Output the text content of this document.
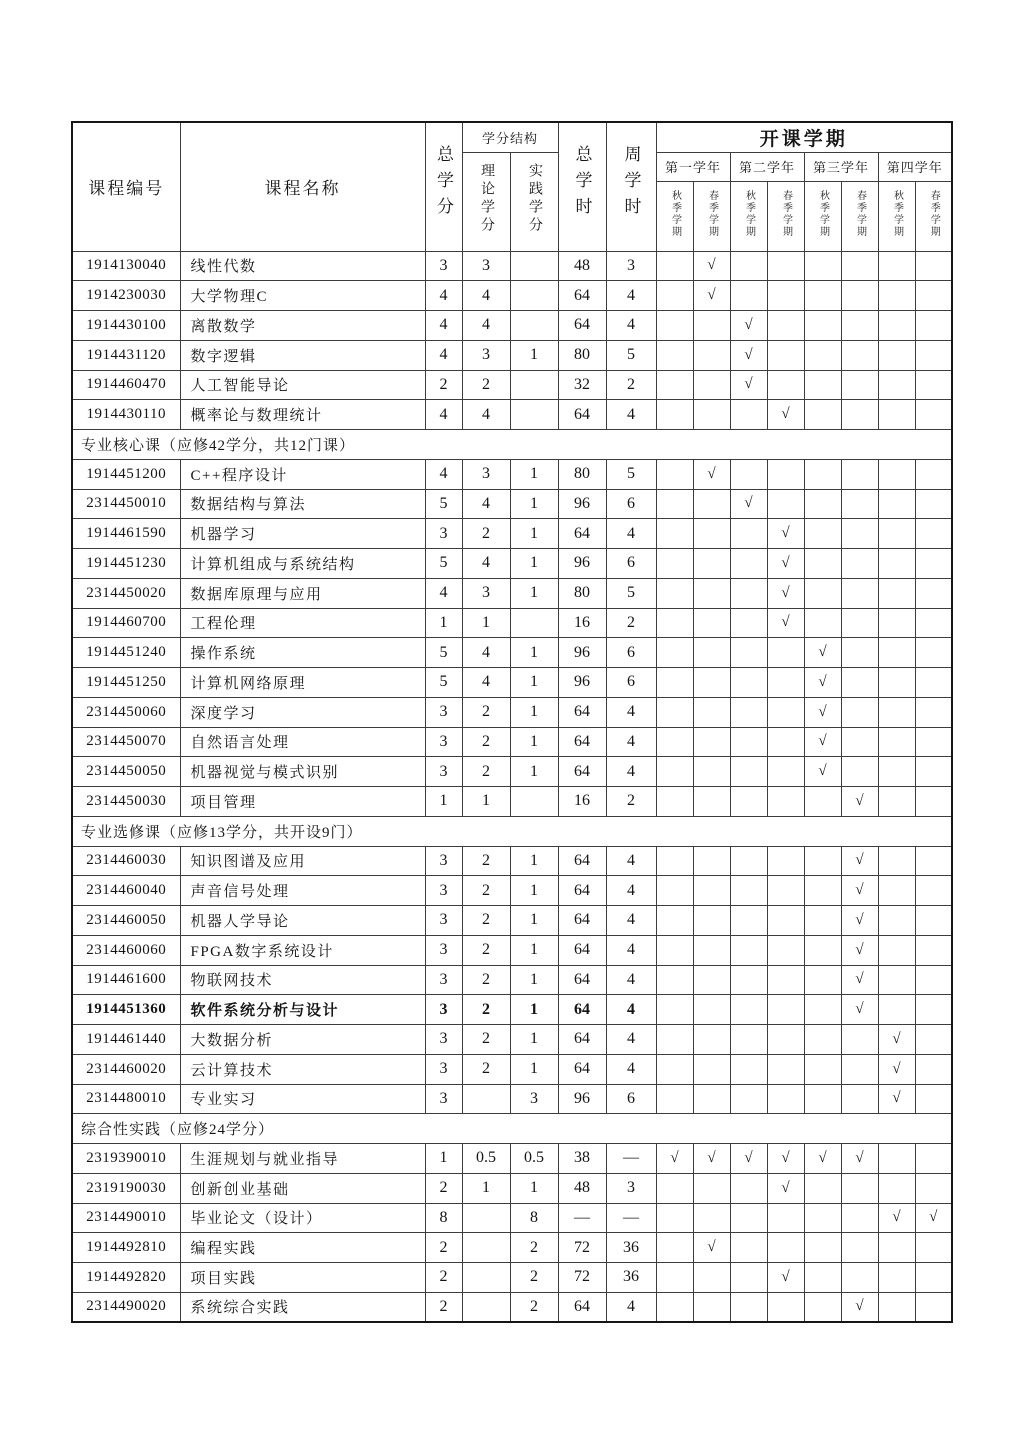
课程编号	课程名称	总学分	学分结构		总学时	周学时	开课学期							
			理论学分	实践学分			第一学年		第二学年		第三学年		第四学年	
							秋季学期	春季学期	秋季学期	春季学期	秋季学期	春季学期	秋季学期	春季学期
1914130040	线性代数	3	3		48	3		√						
1914230030	大学物理C	4	4		64	4		√						
1914430100	离散数学	4	4		64	4			√					
1914431120	数字逻辑	4	3	1	80	5			√					
1914460470	人工智能导论	2	2		32	2			√					
1914430110	概率论与数理统计	4	4		64	4				√				
专业核心课（应修42学分，共12门课）														
1914451200	C++程序设计	4	3	1	80	5		√						
2314450010	数据结构与算法	5	4	1	96	6			√					
1914461590	机器学习	3	2	1	64	4				√				
1914451230	计算机组成与系统结构	5	4	1	96	6				√				
2314450020	数据库原理与应用	4	3	1	80	5				√				
1914460700	工程伦理	1	1		16	2				√				
1914451240	操作系统	5	4	1	96	6					√			
1914451250	计算机网络原理	5	4	1	96	6					√			
2314450060	深度学习	3	2	1	64	4					√			
2314450070	自然语言处理	3	2	1	64	4					√			
2314450050	机器视觉与模式识别	3	2	1	64	4					√			
2314450030	项目管理	1	1		16	2						√		
专业选修课（应修13学分，共开设9门）														
2314460030	知识图谱及应用	3	2	1	64	4						√		
2314460040	声音信号处理	3	2	1	64	4						√		
2314460050	机器人学导论	3	2	1	64	4						√		
2314460060	FPGA数字系统设计	3	2	1	64	4						√		
1914461600	物联网技术	3	2	1	64	4						√		
1914451360	软件系统分析与设计	3	2	1	64	4						√		
1914461440	大数据分析	3	2	1	64	4							√	
2314460020	云计算技术	3	2	1	64	4							√	
2314480010	专业实习	3		3	96	6							√	
综合性实践（应修24学分）														
2319390010	生涯规划与就业指导	1	0.5	0.5	38	—	√	√	√	√	√	√		
2319190030	创新创业基础	2	1	1	48	3				√				
2314490010	毕业论文（设计）	8		8	—	—							√	√
1914492810	编程实践	2		2	72	36		√						
1914492820	项目实践	2		2	72	36				√				
2314490020	系统综合实践	2		2	64	4						√		
